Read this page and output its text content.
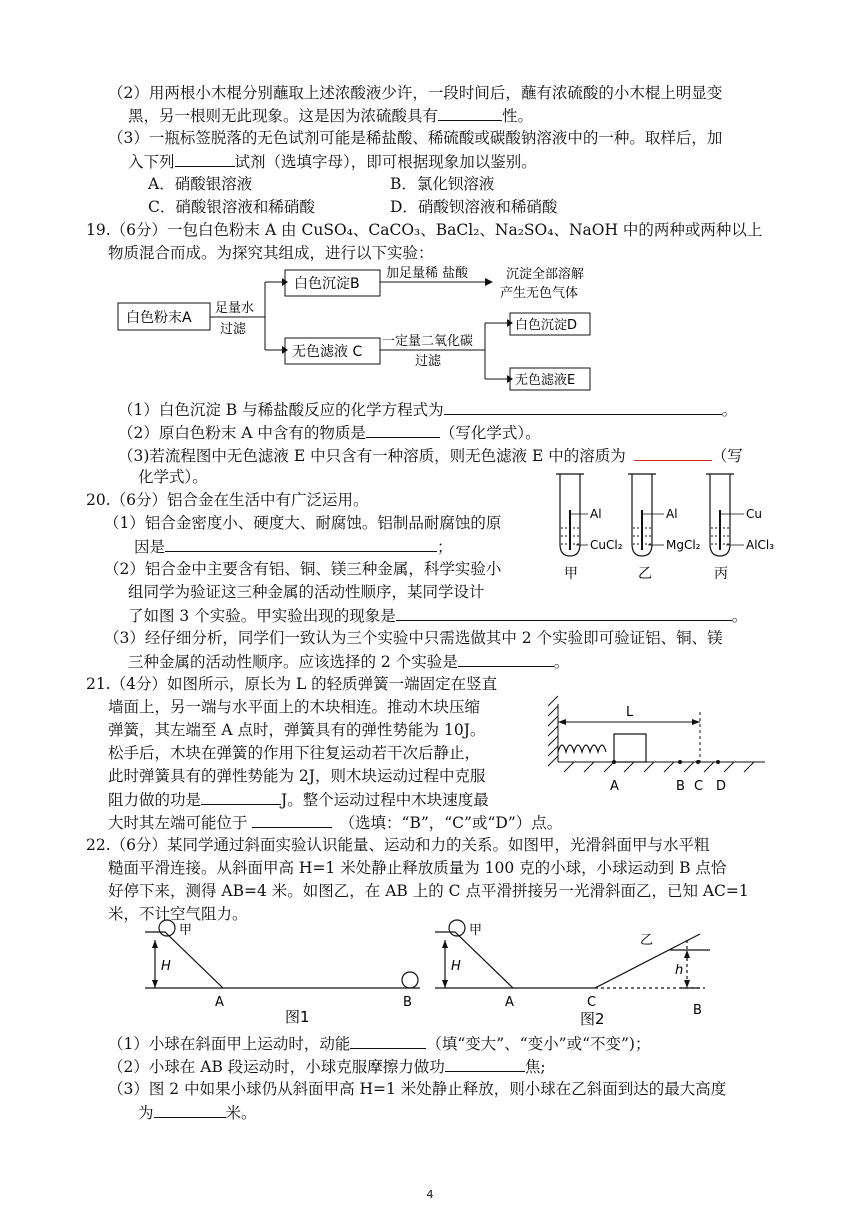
（2）用两根小木棍分别蘸取上述浓酸液少许，一段时间后，蘸有浓硫酸的小木棍上明显变
黑，另一根则无此现象。这是因为浓硫酸具有	性。
（3）一瓶标签脱落的无色试剂可能是稀盐酸、稀硫酸或碳酸钠溶液中的一种。取样后，加
入下列	试剂（选填字母），即可根据现象加以鉴别。
A．硝酸银溶液	B．氯化钡溶液
C．硝酸银溶液和稀硝酸	D．硝酸钡溶液和稀硝酸
19.（6分）一包白色粉末 A 由 CuSO₄、CaCO₃、BaCl₂、Na₂SO₄、NaOH 中的两种或两种以上
物质混合而成。为探究其组成，进行以下实验：
白色粉末A
足量水
过滤
白色沉淀B
加足量稀 盐酸	沉淀全部溶解
产生无色气体
无色滤液 C
一定量二氧化碳
过滤
白色沉淀D
无色滤液E
（1）白色沉淀 B 与稀盐酸反应的化学方程式为	。
（2）原白色粉末 A 中含有的物质是	（写化学式）。
（3)若流程图中无色滤液 E 中只含有一种溶质，则无色滤液 E 中的溶质为	（写
化学式）。
20.（6分）铝合金在生活中有广泛运用。
（1）铝合金密度小、硬度大、耐腐蚀。铝制品耐腐蚀的原
因是	；
（2）铝合金中主要含有铝、铜、镁三种金属，科学实验小
组同学为验证这三种金属的活动性顺序，某同学设计
了如图 3 个实验。甲实验出现的现象是	。
（3）经仔细分析，同学们一致认为三个实验中只需选做其中 2 个实验即可验证铝、铜、镁
三种金属的活动性顺序。应该选择的 2 个实验是	。
Al
CuCl₂
Al
MgCl₂
Cu
AlCl₃
甲	乙	丙
21.（4分）如图所示，原长为 L 的轻质弹簧一端固定在竖直
墙面上，另一端与水平面上的木块相连。推动木块压缩
弹簧，其左端至 A 点时，弹簧具有的弹性势能为 10J。
松手后，木块在弹簧的作用下往复运动若干次后静止，
此时弹簧具有的弹性势能为 2J，则木块运动过程中克服
阻力做的功是	J。整个运动过程中木块速度最
大时其左端可能位于	（选填：“B”，“C”或“D”）点。
L
A	B C D
22.（6分）某同学通过斜面实验认识能量、运动和力的关系。如图甲，光滑斜面甲与水平粗
糙面平滑连接。从斜面甲高 H=1 米处静止释放质量为 100 克的小球，小球运动到 B 点恰
好停下来，测得 AB=4 米。如图乙，在 AB 上的 C 点平滑拼接另一光滑斜面乙，已知 AC=1
米，不计空气阻力。
甲
H
A	B
图1
甲
乙
H	h
A	C
B
图2
（1）小球在斜面甲上运动时，动能	（填“变大”、“变小”或“不变”)；
（2）小球在 AB 段运动时，小球克服摩擦力做功	焦;
（3）图 2 中如果小球仍从斜面甲高 H=1 米处静止释放，则小球在乙斜面到达的最大高度
为	米。
4
